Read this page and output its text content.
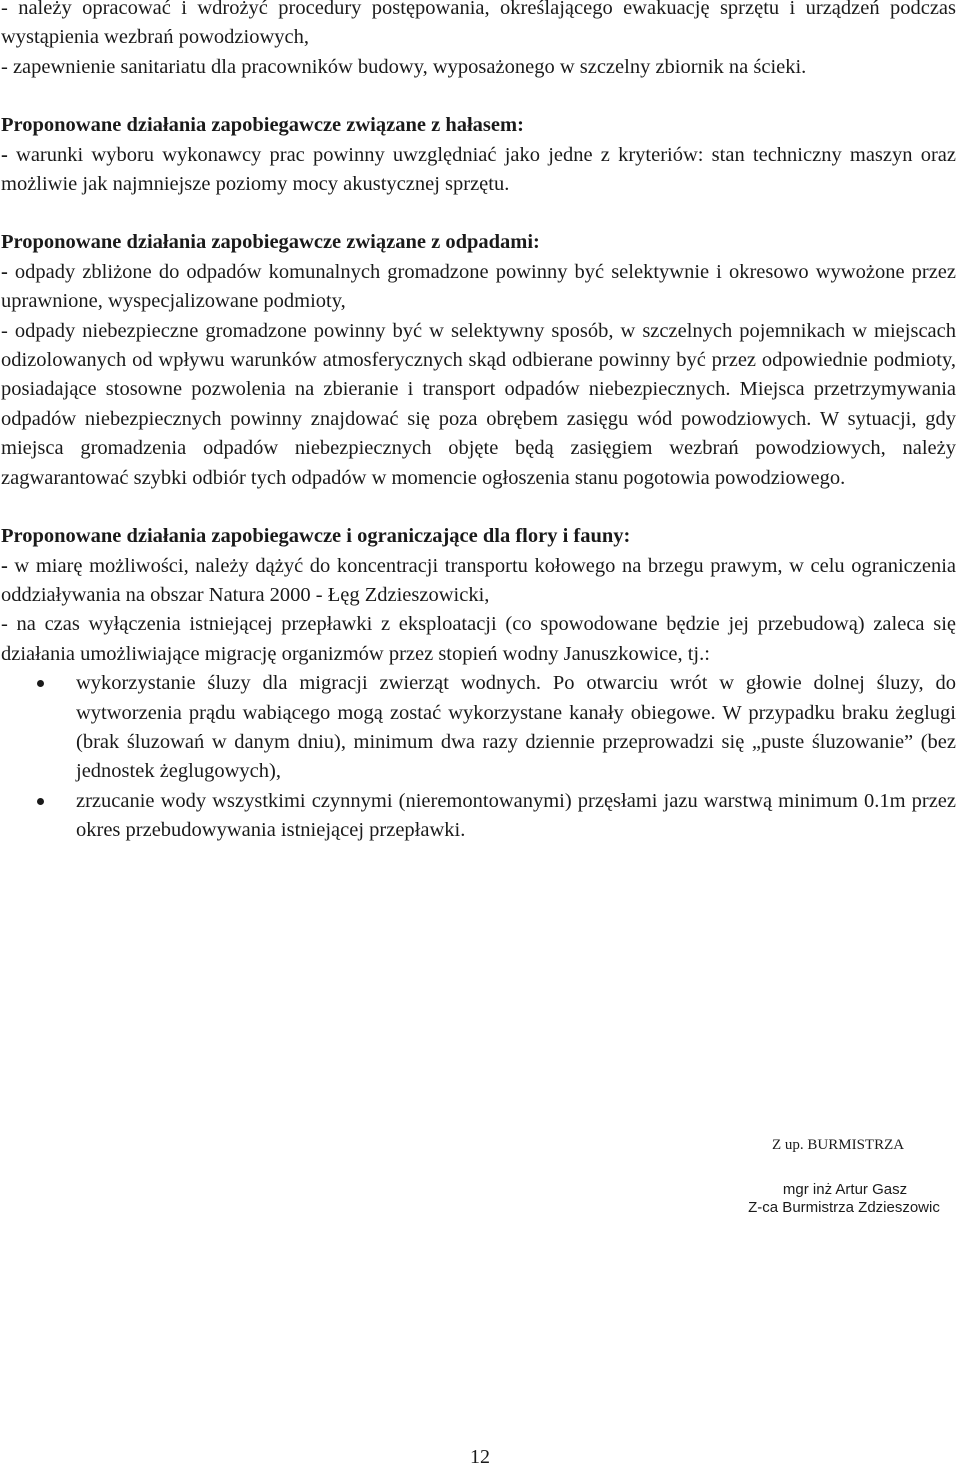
- należy opracować i wdrożyć procedury postępowania, określającego ewakuację sprzętu i urządzeń podczas wystąpienia wezbrań powodziowych,

- zapewnienie sanitariatu dla pracowników budowy, wyposażonego w szczelny zbiornik na ścieki.

Proponowane działania zapobiegawcze związane z hałasem:

- warunki wyboru wykonawcy prac powinny uwzględniać jako jedne z kryteriów: stan techniczny maszyn oraz możliwie jak najmniejsze poziomy mocy akustycznej sprzętu.

Proponowane działania zapobiegawcze związane z odpadami:

- odpady zbliżone do odpadów komunalnych gromadzone powinny być selektywnie i okresowo wywożone przez uprawnione, wyspecjalizowane podmioty,

- odpady niebezpieczne gromadzone powinny być w selektywny sposób, w szczelnych pojemnikach w miejscach odizolowanych od wpływu warunków atmosferycznych skąd odbierane powinny być przez odpowiednie podmioty, posiadające stosowne pozwolenia na zbieranie i transport odpadów niebezpiecznych. Miejsca przetrzymywania odpadów niebezpiecznych powinny znajdować się poza obrębem zasięgu wód powodziowych. W sytuacji, gdy miejsca gromadzenia odpadów niebezpiecznych objęte będą zasięgiem wezbrań powodziowych, należy zagwarantować szybki odbiór tych odpadów w momencie ogłoszenia stanu pogotowia powodziowego.

Proponowane działania zapobiegawcze i ograniczające dla flory i fauny:

- w miarę możliwości, należy dążyć do koncentracji transportu kołowego na brzegu prawym, w celu ograniczenia oddziaływania na obszar Natura 2000 - Łęg Zdzieszowicki,

- na czas wyłączenia istniejącej przepławki z eksploatacji (co spowodowane będzie jej przebudową) zaleca się działania umożliwiające migrację organizmów przez stopień wodny Januszkowice, tj.:

wykorzystanie śluzy dla migracji zwierząt wodnych. Po otwarciu wrót w głowie dolnej śluzy, do wytworzenia prądu wabiącego mogą zostać wykorzystane kanały obiegowe. W przypadku braku żeglugi (brak śluzowań w danym dniu), minimum dwa razy dziennie przeprowadzi się „puste śluzowanie” (bez jednostek żeglugowych),
zrzucanie wody wszystkimi czynnymi (nieremontowanymi) przęsłami jazu warstwą minimum 0.1m przez okres przebudowywania istniejącej przepławki.
Z up. BURMISTRZA
mgr inż Artur Gasz
Z-ca Burmistrza Zdzieszowic
12
